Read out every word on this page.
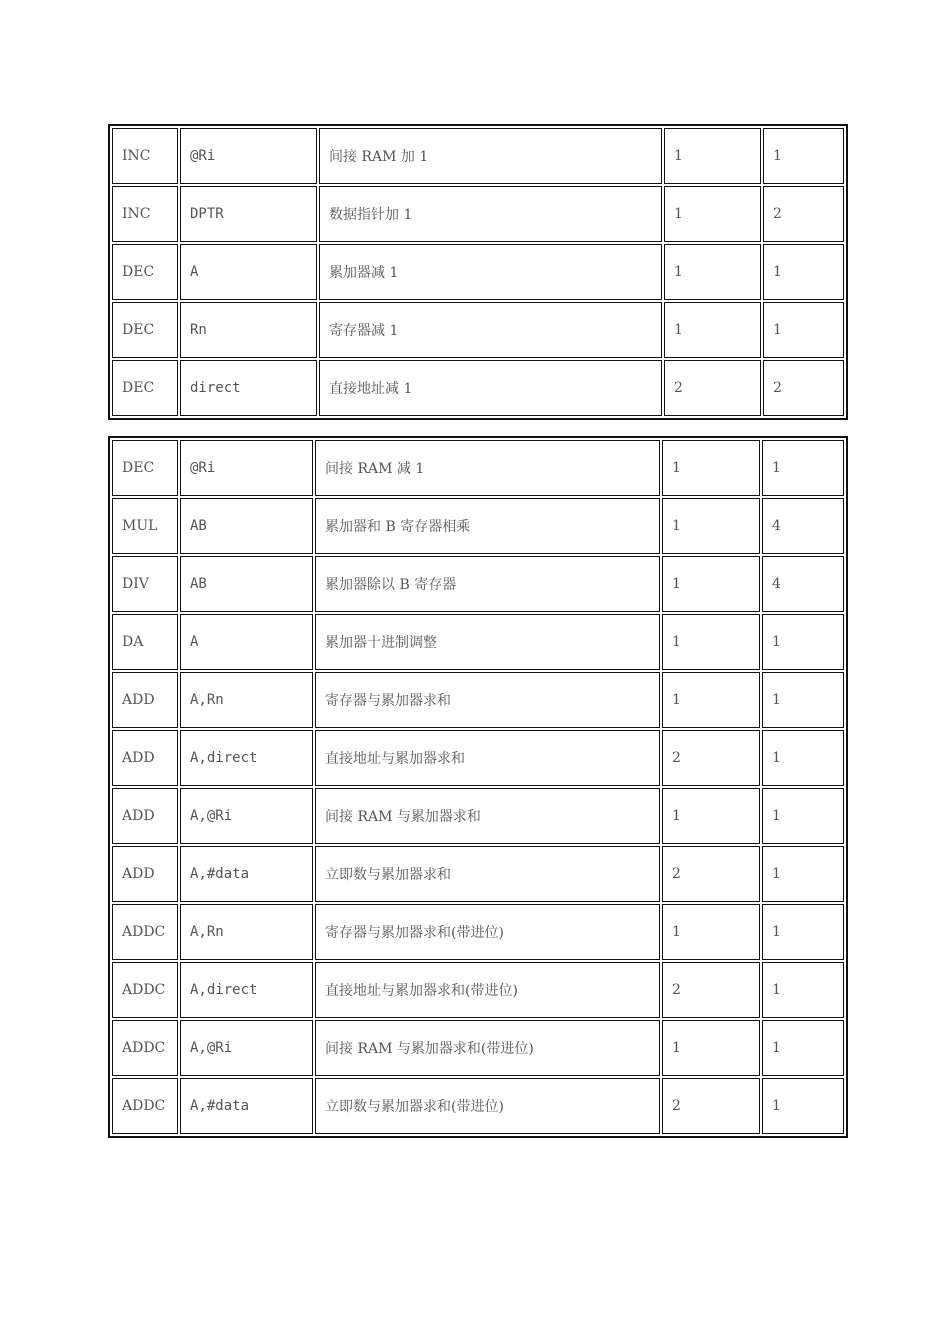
INC	@Ri	间接 RAM 加 1	1	1
INC	DPTR	数据指针加 1	1	2
DEC	A	累加器减 1	1	1
DEC	Rn	寄存器减 1	1	1
DEC	direct	直接地址减 1	2	2
DEC	@Ri	间接 RAM 减 1	1	1
MUL	AB	累加器和 B 寄存器相乘	1	4
DIV	AB	累加器除以 B 寄存器	1	4
DA	A	累加器十进制调整	1	1
ADD	A,Rn	寄存器与累加器求和	1	1
ADD	A,direct	直接地址与累加器求和	2	1
ADD	A,@Ri	间接 RAM 与累加器求和	1	1
ADD	A,#data	立即数与累加器求和	2	1
ADDC	A,Rn	寄存器与累加器求和(带进位)	1	1
ADDC	A,direct	直接地址与累加器求和(带进位)	2	1
ADDC	A,@Ri	间接 RAM 与累加器求和(带进位)	1	1
ADDC	A,#data	立即数与累加器求和(带进位)	2	1
